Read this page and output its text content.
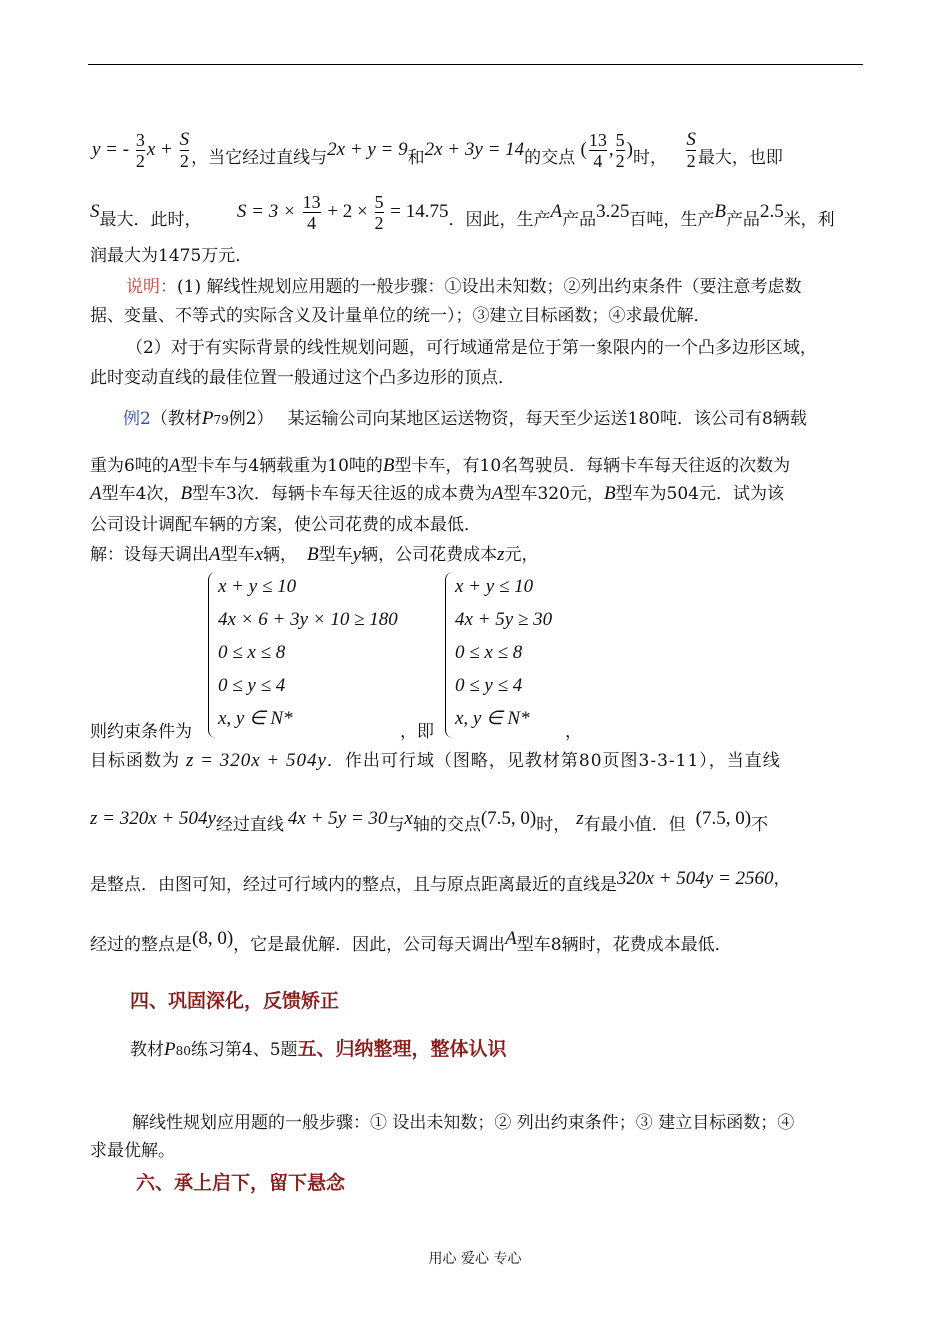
y = - $\frac{3}{2}$ $x + \frac{S}{2}$ ，当它经过直线与2x + y = 9和2x + 3y = 14的交点 ( $\frac{13}{4}$ , $\frac{5}{2}$ )时， $\frac{S}{2}$ 最大，也即
S最大．此时， $S = 3 \times \frac{13}{4} + 2 \times \frac{5}{2} = 14.75$．因此，生产A产品3.25百吨，生产B产品2.5米，利
润最大为1475万元．
说明：(1) 解线性规划应用题的一般步骤：①设出未知数；②列出约束条件（要注意考虑数
据、变量、不等式的实际含义及计量单位的统一）；③建立目标函数；④求最优解．
（2）对于有实际背景的线性规划问题，可行域通常是位于第一象限内的一个凸多边形区域，
此时变动直线的最佳位置一般通过这个凸多边形的顶点．
例2（教材P79例2） 某运输公司向某地区运送物资，每天至少运送180吨．该公司有8辆载
重为6吨的A型卡车与4辆载重为10吨的B型卡车，有10名驾驶员．每辆卡车每天往返的次数为
A型车4次，B型车3次．每辆卡车每天往返的成本费为A型车320元，B型车为504元．试为该
公司设计调配车辆的方案，使公司花费的成本最低．
解：设每天调出A型车x辆， B型车y辆，公司花费成本z元，
x + y ≤ 10
4x × 6 + 3y × 10 ≥ 180
0 ≤ x ≤ 8
0 ≤ y ≤ 4
x, y ∈ N*
x + y ≤ 10
4x + 5y ≥ 30
0 ≤ x ≤ 8
0 ≤ y ≤ 4
x, y ∈ N*
则约束条件为	，即	，
目标函数为 z = 320x + 504y．作出可行域（图略，见教材第80页图3-3-11），当直线
z = 320x + 504y经过直线 4x + 5y = 30与x轴的交点(7.5, 0)时， z有最小值．但 (7.5, 0)不
是整点．由图可知，经过可行域内的整点，且与原点距离最近的直线是320x + 504y = 2560，
经过的整点是(8, 0)，它是最优解．因此，公司每天调出A型车8辆时，花费成本最低．
四、巩固深化，反馈矫正
教材P80练习第4、5题五、归纳整理，整体认识
解线性规划应用题的一般步骤：① 设出未知数；② 列出约束条件；③ 建立目标函数；④
求最优解。
六、承上启下，留下悬念
用心 爱心 专心
